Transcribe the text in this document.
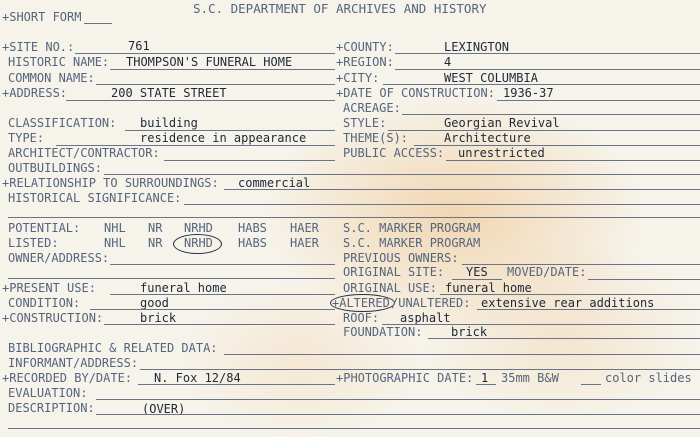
+SHORT FORM
S.C. DEPARTMENT OF ARCHIVES AND HISTORY
+SITE NO.:	761	+COUNTY:	LEXINGTON
HISTORIC NAME: THOMPSON'S FUNERAL HOME	+REGION:	4
COMMON NAME:	+CITY:	WEST COLUMBIA
+ADDRESS:	200 STATE STREET	+DATE OF CONSTRUCTION: 1936-37
ACREAGE:
CLASSIFICATION: building	STYLE:	Georgian Revival
TYPE:	residence in appearance	THEME(S):	Architecture
ARCHITECT/CONTRACTOR:	PUBLIC ACCESS: unrestricted
OUTBUILDINGS:
+RELATIONSHIP TO SURROUNDINGS: commercial
HISTORICAL SIGNIFICANCE:
POTENTIAL: NHL NR NRHD HABS HAER S.C. MARKER PROGRAM
LISTED:	NHL NR NRHD HABS HAER S.C. MARKER PROGRAM
OWNER/ADDRESS:	PREVIOUS OWNERS:
ORIGINAL SITE: YES MOVED/DATE:
+PRESENT USE:	funeral home	ORIGINAL USE: funeral home
CONDITION:	good	+ALTERED /UNALTERED: extensive rear additions
+CONSTRUCTION:	brick	ROOF: asphalt
FOUNDATION: brick
BIBLIOGRAPHIC & RELATED DATA:
INFORMANT/ADDRESS:
+RECORDED BY/DATE: N. Fox 12/84	+PHOTOGRAPHIC DATE: 1 35mm B&W	color slides
EVALUATION:
DESCRIPTION:	(OVER)
